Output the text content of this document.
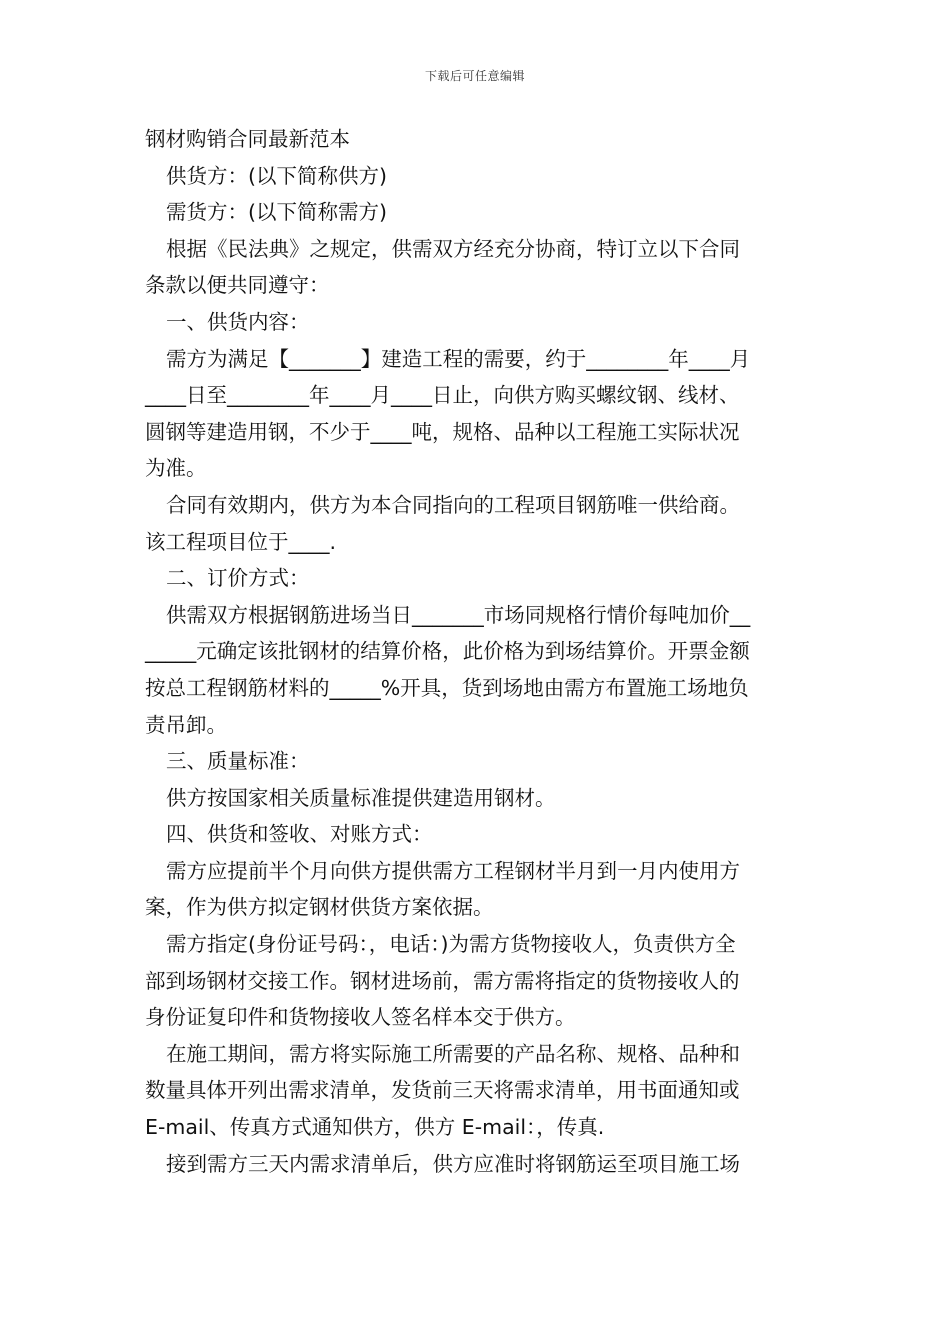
下载后可任意编辑
钢材购销合同最新范本
供货方：(以下简称供方)
需货方：(以下简称需方)
根据《民法典》之规定，供需双方经充分协商，特订立以下合同
条款以便共同遵守：
一、供货内容：
需方为满足【_______】建造工程的需要，约于________年____月
____日至________年____月____日止，向供方购买螺纹钢、线材、
圆钢等建造用钢，不少于____吨，规格、品种以工程施工实际状况
为准。
合同有效期内，供方为本合同指向的工程项目钢筋唯一供给商。
该工程项目位于____.
二、订价方式：
供需双方根据钢筋进场当日_______市场同规格行情价每吨加价__
_____元确定该批钢材的结算价格，此价格为到场结算价。开票金额
按总工程钢筋材料的_____%开具，货到场地由需方布置施工场地负
责吊卸。
三、质量标准：
供方按国家相关质量标准提供建造用钢材。
四、供货和签收、对账方式：
需方应提前半个月向供方提供需方工程钢材半月到一月内使用方
案，作为供方拟定钢材供货方案依据。
需方指定(身份证号码：，电话：)为需方货物接收人，负责供方全
部到场钢材交接工作。钢材进场前，需方需将指定的货物接收人的
身份证复印件和货物接收人签名样本交于供方。
在施工期间，需方将实际施工所需要的产品名称、规格、品种和
数量具体开列出需求清单，发货前三天将需求清单，用书面通知或
E-mail、传真方式通知供方，供方 E-mail：，传真.
接到需方三天内需求清单后，供方应准时将钢筋运至项目施工场
